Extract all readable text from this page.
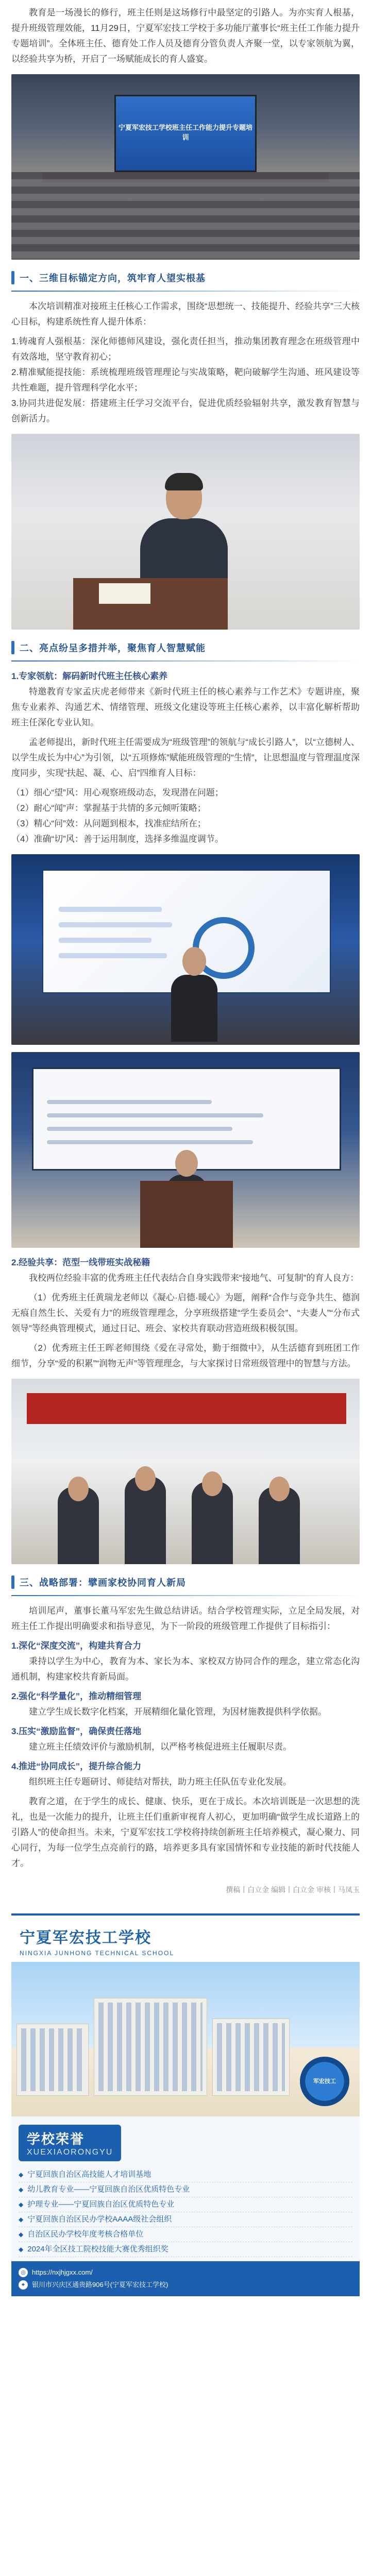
教育是一场漫长的修行，班主任则是这场修行中最坚定的引路人。为亦实育人根基，提升班级管理效能，11月29日，宁夏军宏技工学校于多功能厅董事长“班主任工作能力提升专题培训”。全体班主任、德育处工作人员及德育分管负责人齐聚一堂，以专家领航为翼，以经验共享为桥，开启了一场赋能成长的育人盛宴。

宁夏军宏技工学校班主任工作能力提升专题培训
一、三维目标锚定方向，筑牢育人望实根基

本次培训精准对接班主任核心工作需求，围绕“思想统一、技能提升、经验共享”三大核心目标，构建系统性育人提升体系：

1.铸魂育人强根基：深化师德师风建设，强化责任担当，推动集团教育理念在班级管理中有效落地，坚守教育初心；

2.精准赋能提技能：系统梳理班级管理理论与实战策略，靶向破解学生沟通、班风建设等共性难题，提升管理科学化水平；

3.协同共进促发展：搭建班主任学习交流平台，促进优质经验辐射共享，激发教育智慧与创新活力。

二、亮点纷呈多措并举，聚焦育人智慧赋能

1.专家领航：解码新时代班主任核心素养

特邀教育专家孟庆虎老师带来《新时代班主任的核心素养与工作艺术》专题讲座，聚焦专业素养、沟通艺术、情绪管理、班级文化建设等班主任核心素养，以丰富化解析帮助班主任深化专业认知。

孟老师提出，新时代班主任需要成为“班级管理”的领航与“成长引路人”，以“立德树人、以学生成长为中心”为引领，以“五项修炼”赋能班级管理的“生情”，让思想温度与管理温度深度同步，实现“扶起、凝、心、启”四维育人目标：

（1）细心“望”风：用心观察班级动态，发现潜在问题；

（2）耐心“闻”声：掌握基于共情的多元倾听策略；

（3）精心“问”效：从问题到根本，找准症结所在；

（4）准确“切”风：善于运用制度，选择多维温度调节。

2.经验共享：范型一线带班实战秘籍

我校两位经验丰富的优秀班主任代表结合自身实践带来“接地气、可复制”的育人良方：

（1）优秀班主任黄瑞龙老师以《凝心·启德·暖心》为题，阐释“合作与竞争共生、德润无痕自然生长、关爱有力”的班级管理理念，分享班级搭建“学生委员会”、“夫妻人”“分布式领导”等经典管理模式，通过日记、班会、家校共育联动营造班级积极氛围。

（2）优秀班主任王晖老师围绕《爱在寻常处，勤于细微中》，从生活德育到班团工作细节，分享“爱的积累”“润物无声”等管理理念，与大家探讨日常班级管理中的智慧与方法。

三、战略部署：擘画家校协同育人新局

培训尾声，董事长董马军宏先生做总结讲话。结合学校管理实际，立足全局发展，对班主任工作提出明确要求和指导意见，为下一阶段的班级管理工作提供了目标指引：

1.深化“深度交流”，构建共育合力

秉持以学生为中心，教育为本、家长为本、家校双方协同合作的理念，建立常态化沟通机制，构建家校共育新局面。

2.强化“科学量化”，推动精细管理

建立学生成长数字化档案，开展精细化量化管理，为因材施教提供科学依据。

3.压实“激励监督”，确保责任落地

建立班主任绩效评价与激励机制，以严格考核促进班主任履职尽责。

4.推进“协同成长”，提升综合能力

组织班主任专题研讨、师徒结对帮扶，助力班主任队伍专业化发展。

教育之道，在于学生的成长、健康、快乐，更在于成长。本次培训既是一次思想的洗礼，也是一次能力的提升，让班主任们重新审视育人初心，更加明确“做学生成长道路上的引路人”的使命担当。未来，宁夏军宏技工学校将持续创新班主任培养模式，凝心聚力、同心同行，为每一位学生点亮前行的路，培养更多具有家国情怀和专业技能的新时代技能人才。

撰稿丨白立金 编辑丨白立金 审核丨马凤玉
宁夏军宏技工学校
NINGXIA JUNHONG TECHNICAL SCHOOL
军宏技工
学校荣誉
XUEXIAORONGYU
◆ 宁夏回族自治区高技能人才培训基地
◆ 幼儿教育专业——宁夏回族自治区优质特色专业
◆ 护理专业——宁夏回族自治区优质特色专业
◆ 宁夏回族自治区民办学校AAAA级社会组织
◆ 自治区民办学校年度考核合格单位
◆ 2024年全区技工院校技能大赛优秀组织奖
◎ https://nxjhjgxx.com/
⌖	银川市兴庆区通贵路906号(宁夏军宏技工学校)
